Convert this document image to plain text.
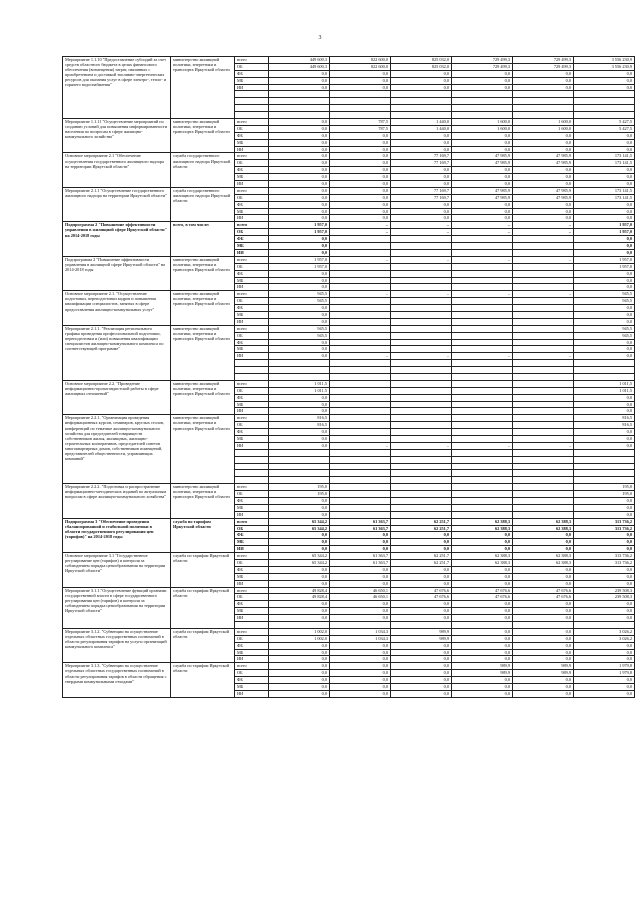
3
Мероприятие 1.1.10 "Предоставление субсидий за счет средств областного бюджета в целях финансового обеспечения (возмещения) затрат, связанных с приобретением и доставкой топливно-энергетических ресурсов для оказания услуг в сфере электро-, тепло- и горячего водоснабжения"	министерство жилищной политики, энергетики и транспорта Иркутской области	всего	449 600,3	822 600,0	825 032,0	729 499,3	729 499,3	3 556 230,9
		ОБ	449 600,3	822 600,0	825 032,0	729 499,3	729 499,3	3 556 230,9
		ФБ	0,0	0,0	0,0	0,0	0,0	0,0
		МБ	0,0	0,0	0,0	0,0	0,0	0,0
		ИИ	0,0	0,0	0,0	0,0	0,0	0,0

Мероприятие 1.1.11 "Осуществление мероприятий по созданию условий для повышения информированности населения по вопросам в сфере жилищно-коммунального хозяйства"	министерство жилищной политики, энергетики и транспорта Иркутской области	всего	0,0	787,5	1 440,0	1 600,0	1 600,0	5 427,5
		ОБ	0,0	787,5	1 440,0	1 600,0	1 600,0	5 427,5
		ФБ	0,0	0,0	0,0	0,0	0,0	0,0
		МБ	0,0	0,0	0,0	0,0	0,0	0,0
		ИИ	0,0	0,0	0,0	0,0	0,0	0,0
Основное мероприятие 2.1 "Обеспечение осуществления государственного жилищного надзора на территории Иркутской области"	служба государственного жилищного надзора Иркутской области	всего	0,0	0,0	77 169,7	47 985,9	47 985,9	173 141,5
		ОБ	0,0	0,0	77 169,7	47 985,9	47 985,9	173 141,5
		ФБ	0,0	0,0	0,0	0,0	0,0	0,0
		МБ	0,0	0,0	0,0	0,0	0,0	0,0
		ИИ	0,0	0,0	0,0	0,0	0,0	0,0
Мероприятие 2.1.1 "Осуществление государственного жилищного надзора на территории Иркутской области"	служба государственного жилищного надзора Иркутской области	всего	0,0	0,0	77 169,7	47 985,9	47 985,9	173 141,5
		ОБ	0,0	0,0	77 169,7	47 985,9	47 985,9	173 141,5
		ФБ	0,0	0,0	0,0	0,0	0,0	0,0
		МБ	0,0	0,0	0,0	0,0	0,0	0,0
		ИИ	0,0	0,0	0,0	0,0	0,0	0,0
Подпрограмма 2 "Повышение эффективности управления в жилищной сфере Иркутской области" на 2014-2018 годы	всего, в том числе:	всего	1 957,0	–	–	–	–	1 957,0
		ОБ	1 957,0	–	–	–	–	1 957,0
		ФБ	0,0					0,0
		МБ	0,0					0,0
		ИИ	0,0					0,0
Подпрограмма 2 "Повышение эффективности управления в жилищной сфере Иркутской области" на 2014-2018 годы	министерство жилищной политики, энергетики и транспорта Иркутской области	всего	1 957,0	–	–	–	–	1 957,0
		ОБ	1 957,0					1 957,0
		ФБ	0,0					0,0
		МБ	0,0					0,0
		ИИ	0,0					0,0
Основное мероприятие 2.1. "Осуществление подготовки, переподготовки кадров и повышения квалификации специалистов, занятых в сфере предоставления жилищно-коммунальных услуг"	министерство жилищной политики, энергетики и транспорта Иркутской области	всего	945,5	–	–	–	–	945,5
		ОБ	945,5					945,5
		ФБ	0,0					0,0
		МБ	0,0					0,0
		ИИ	0,0					0,0
Мероприятие 2.1.1. "Реализация регионального графика проведения профессиональной подготовки, переподготовки и (или) повышения квалификации специалистов жилищно-коммунального комплекса по соответствующей программе"	министерство жилищной политики, энергетики и транспорта Иркутской области	всего	945,5					945,5
		ОБ	945,5					945,5
		ФБ	0,0					0,0
		МБ	0,0					0,0
		ИИ	0,0	–	–	–	–	0,0

Основное мероприятие 2.2. "Проведение информационно-пропагандистской работы в сфере жилищных отношений"	министерство жилищной политики, энергетики и транспорта Иркутской области	всего	1 011,5					1 011,5
		ОБ	1 011,5					1 011,5
		ФБ	0,0					0,0
		МБ	0,0					0,0
		ИИ	0,0					0,0
Мероприятие 2.2.1. "Организация проведения информационных курсов, семинаров, круглых столов, конференций по тематике жилищно-коммунального хозяйства для председателей товариществ собственников жилья, жилищных, жилищно-строительных кооперативов, председателей советов многоквартирных домов, собственников помещений, представителей общественности, управляющих компаний"	министерство жилищной политики, энергетики и транспорта Иркутской области	всего	816,5					816,5
		ОБ	816,5					816,5
		ФБ	0,0					0,0
		МБ	0,0					0,0
		ИИ	0,0	–	–	–	–	0,0

Мероприятие 2.2.2. "Подготовка и распространение информационно-методических изданий по актуальным вопросам в сфере жилищно-коммунального хозяйства"	министерство жилищной политики, энергетики и транспорта Иркутской области	всего	195,0					195,0
		ОБ	195,0					195,0
		ФБ	0,0					0,0
		МБ	0,0					0,0
		ИИ	0,0					0,0
Подпрограмма 3 "Обеспечение проведения сбалансированной и стабильной политики в области государственного регулирования цен (тарифов)" на 2014-2018 годы	служба по тарифам Иркутской области	всего	65 344,2	61 363,7	62 251,7	62 388,3	62 388,3	313 736,2
		ОБ	65 344,2	61 363,7	62 251,7	62 388,3	62 388,3	313 736,2
		ФБ	0,0	0,0	0,0	0,0	0,0	0,0
		МБ	0,0	0,0	0,0	0,0	0,0	0,0
		ИИ	0,0	0,0	0,0	0,0	0,0	0,0
Основное мероприятие 3.1 "Государственное регулирование цен (тарифов) и контроля за соблюдением порядка ценообразования на территории Иркутской области"	служба по тарифам Иркутской области	всего	65 344,2	61 363,7	62 251,7	62 388,3	62 388,3	313 736,2
		ОБ	65 344,2	61 363,7	62 251,7	62 388,3	62 388,3	313 736,2
		ФБ	0,0	0,0	0,0	0,0	0,0	0,0
		МБ	0,0	0,0	0,0	0,0	0,0	0,0
		ИИ	0,0	0,0	0,0	0,0	0,0	0,0
Мероприятие 3.1.1."Осуществление функций органами государственной власти в сфере государственного регулирования цен (тарифов) и контроля за соблюдением порядка ценообразования на территории Иркутской области"	служба по тарифам Иркутской области	всего	49 828,4	46 650,1	47 676,6	47 676,6	47 676,6	239 508,3
		ОБ	49 828,4	46 650,1	47 676,6	47 676,6	47 676,6	239 508,3
		ФБ	0,0	0,0	0,0	0,0	0,0	0,0
		МБ	0,0	0,0	0,0	0,0	0,0	0,0
		ИИ	0,0	0,0	0,0	0,0	0,0	0,0

Мероприятие 3.1.2. "Субвенции на осуществление отдельных областных государственных полномочий в области регулирования тарифов на услуги организаций коммунального комплекса"	служба по тарифам Иркутской области	всего	1 002,0	1 034,3	989,9	0,0	0,0	3 026,2
		ОБ	1 002,0	1 034,3	989,9	0,0	0,0	3 026,2
		ФБ	0,0	0,0	0,0	0,0	0,0	0,0
		МБ	0,0	0,0	0,0	0,0	0,0	0,0
		ИИ	0,0	0,0	0,0	0,0	0,0	0,0
Мероприятие 3.1.3. "Субвенции на осуществление отдельных областных государственных полномочий в области регулирования тарифов в области обращения с твердыми коммунальными отходами"	служба по тарифам Иркутской области	всего	0,0	0,0	0,0	989,9	989,9	1 979,8
		ОБ	0,0	0,0	0,0	989,9	989,9	1 979,8
		ФБ	0,0	0,0	0,0	0,0	0,0	0,0
		МБ	0,0	0,0	0,0	0,0	0,0	0,0
		ИИ	0,0	0,0	0,0	0,0	0,0	0,0
